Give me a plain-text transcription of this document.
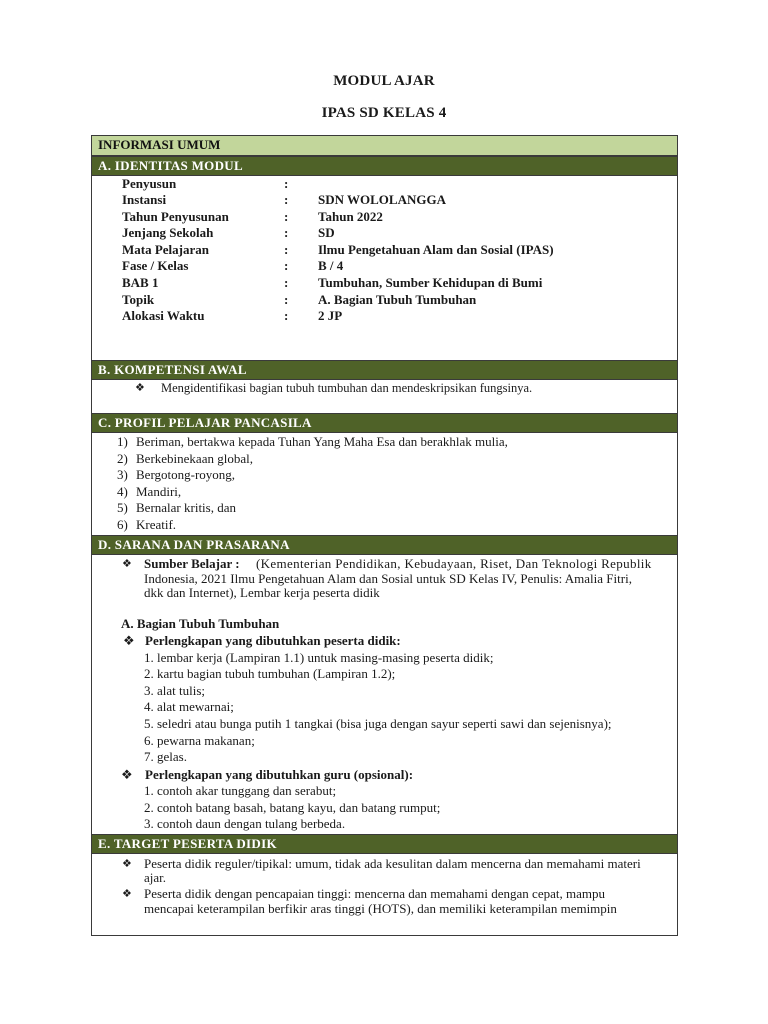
MODUL AJAR
IPAS SD KELAS 4
INFORMASI UMUM
A. IDENTITAS MODUL
Penyusun	:
Instansi	: SDN WOLOLANGGA
Tahun Penyusunan	: Tahun 2022
Jenjang Sekolah	: SD
Mata Pelajaran	: Ilmu Pengetahuan Alam dan Sosial (IPAS)
Fase / Kelas	: B / 4
BAB 1	: Tumbuhan, Sumber Kehidupan di Bumi
Topik	: A. Bagian Tubuh Tumbuhan
Alokasi Waktu	: 2 JP
B. KOMPETENSI AWAL
❖ Mengidentifikasi bagian tubuh tumbuhan dan mendeskripsikan fungsinya.
C. PROFIL PELAJAR PANCASILA
1) Beriman, bertakwa kepada Tuhan Yang Maha Esa dan berakhlak mulia,
2) Berkebinekaan global,
3) Bergotong-royong,
4) Mandiri,
5) Bernalar kritis, dan
6) Kreatif.
D. SARANA DAN PRASARANA
❖ Sumber Belajar : (Kementerian Pendidikan, Kebudayaan, Riset, Dan Teknologi Republik
Indonesia, 2021 Ilmu Pengetahuan Alam dan Sosial untuk SD Kelas IV, Penulis: Amalia Fitri,
dkk dan Internet), Lembar kerja peserta didik
A. Bagian Tubuh Tumbuhan
❖ Perlengkapan yang dibutuhkan peserta didik:
1. lembar kerja (Lampiran 1.1) untuk masing-masing peserta didik;
2. kartu bagian tubuh tumbuhan (Lampiran 1.2);
3. alat tulis;
4. alat mewarnai;
5. seledri atau bunga putih 1 tangkai (bisa juga dengan sayur seperti sawi dan sejenisnya);
6. pewarna makanan;
7. gelas.
❖ Perlengkapan yang dibutuhkan guru (opsional):
1. contoh akar tunggang dan serabut;
2. contoh batang basah, batang kayu, dan batang rumput;
3. contoh daun dengan tulang berbeda.
E. TARGET PESERTA DIDIK
❖ Peserta didik reguler/tipikal: umum, tidak ada kesulitan dalam mencerna dan memahami materi
ajar.
❖ Peserta didik dengan pencapaian tinggi: mencerna dan memahami dengan cepat, mampu
mencapai keterampilan berfikir aras tinggi (HOTS), dan memiliki keterampilan memimpin
